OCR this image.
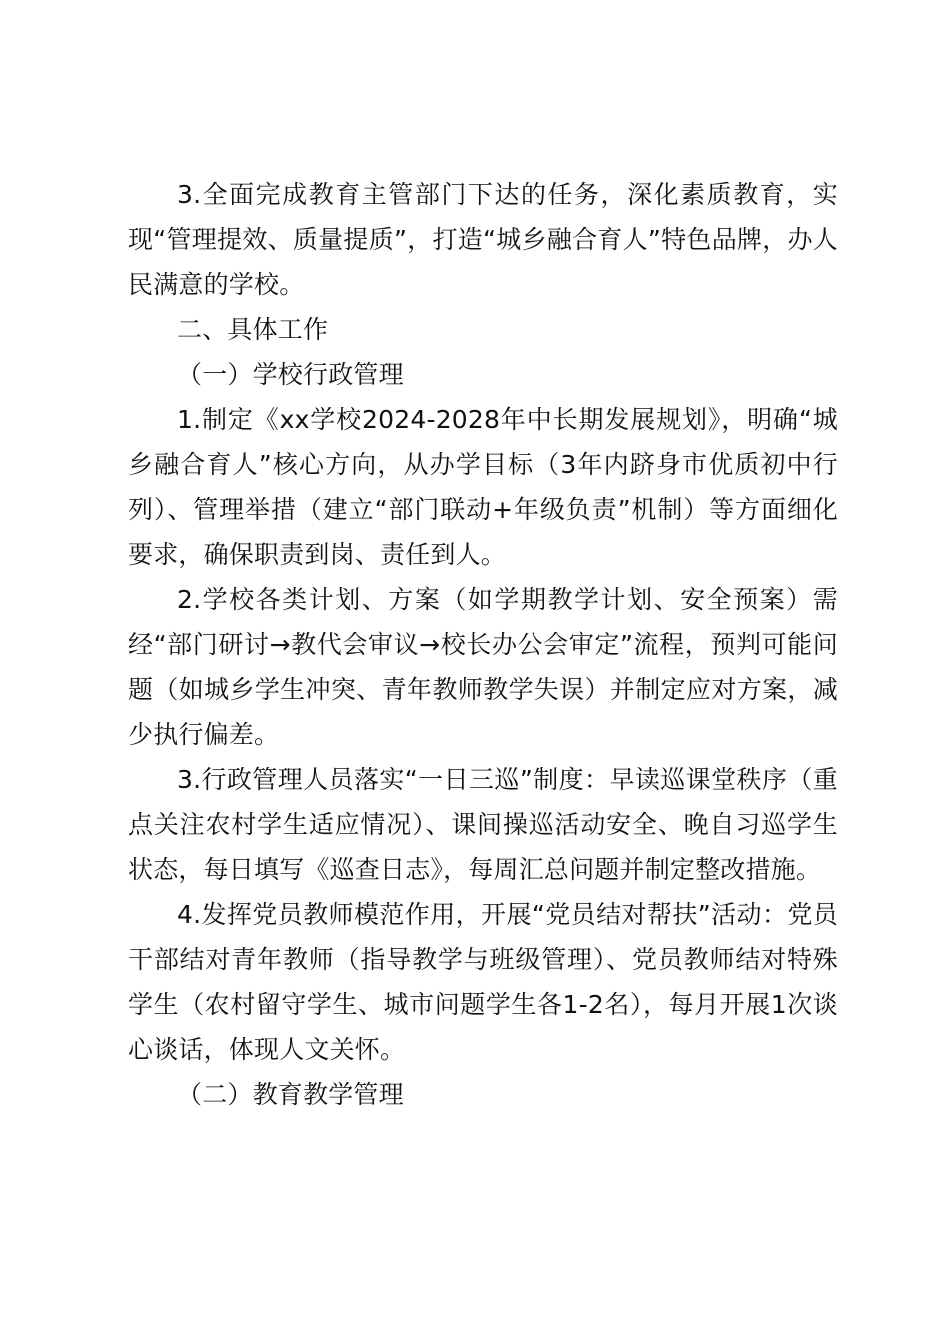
3.全面完成教育主管部门下达的任务，深化素质教育，实现“管理提效、质量提质”，打造“城乡融合育人”特色品牌，办人民满意的学校。

二、具体工作

（一）学校行政管理

1.制定《xx学校2024-2028年中长期发展规划》，明确“城乡融合育人”核心方向，从办学目标（3年内跻身市优质初中行列）、管理举措（建立“部门联动+年级负责”机制）等方面细化要求，确保职责到岗、责任到人。

2.学校各类计划、方案（如学期教学计划、安全预案）需经“部门研讨→教代会审议→校长办公会审定”流程，预判可能问题（如城乡学生冲突、青年教师教学失误）并制定应对方案，减少执行偏差。

3.行政管理人员落实“一日三巡”制度：早读巡课堂秩序（重点关注农村学生适应情况）、课间操巡活动安全、晚自习巡学生状态，每日填写《巡查日志》，每周汇总问题并制定整改措施。

4.发挥党员教师模范作用，开展“党员结对帮扶”活动：党员干部结对青年教师（指导教学与班级管理）、党员教师结对特殊学生（农村留守学生、城市问题学生各1-2名），每月开展1次谈心谈话，体现人文关怀。

（二）教育教学管理
